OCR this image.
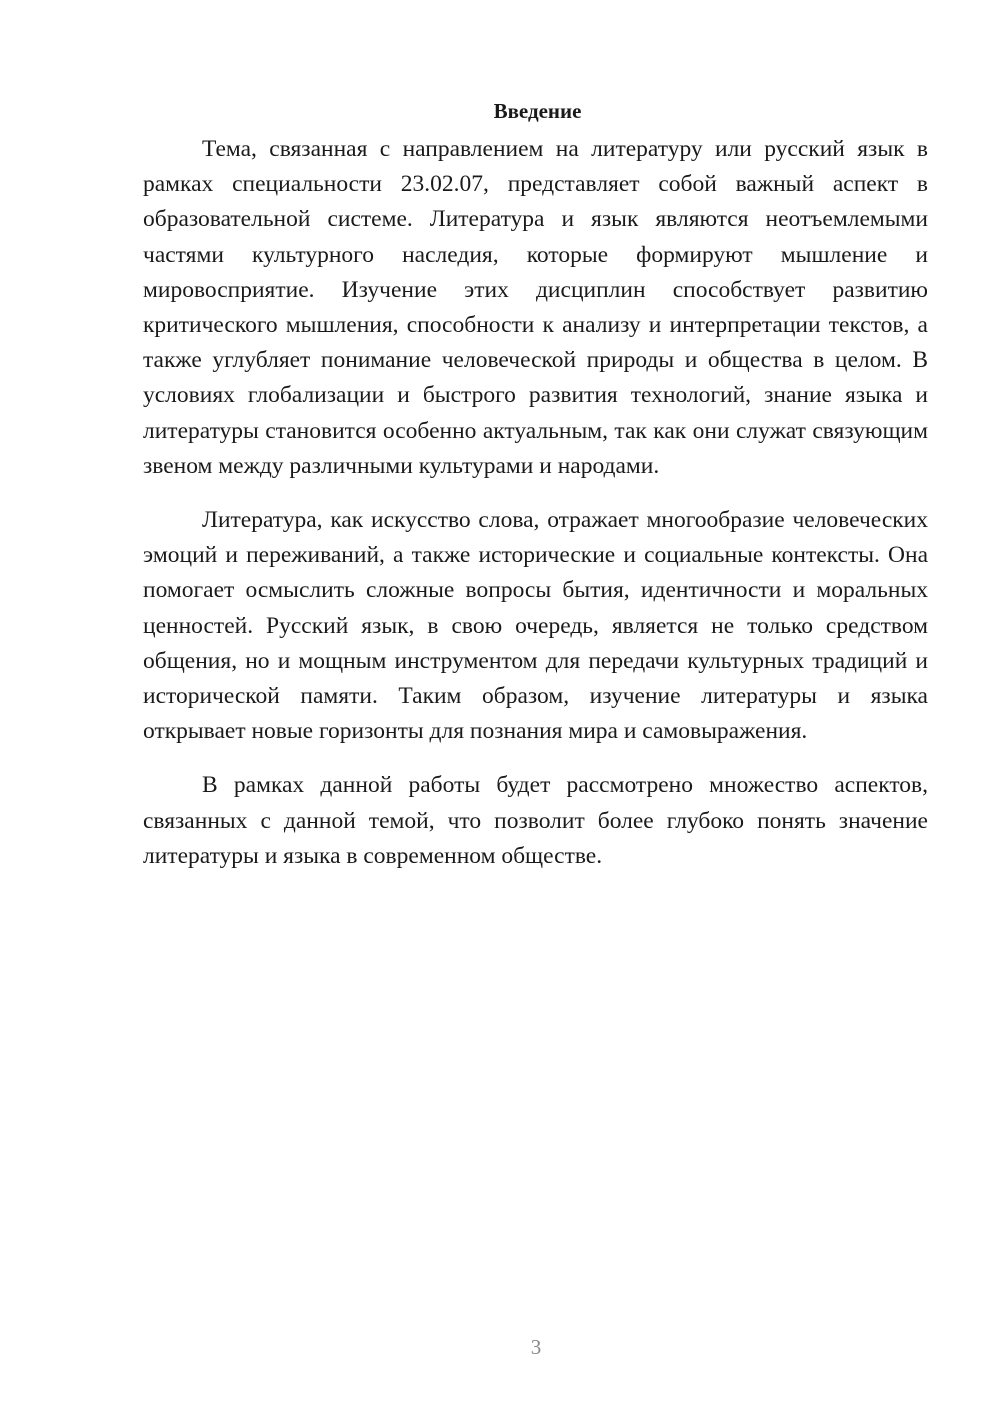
Введение

Тема, связанная с направлением на литературу или русский язык в рамках специальности 23.02.07, представляет собой важный аспект в образовательной системе. Литература и язык являются неотъемлемыми частями культурного наследия, которые формируют мышление и мировосприятие. Изучение этих дисциплин способствует развитию критического мышления, способности к анализу и интерпретации текстов, а также углубляет понимание человеческой природы и общества в целом. В условиях глобализации и быстрого развития технологий, знание языка и литературы становится особенно актуальным, так как они служат связующим звеном между различными культурами и народами.

Литература, как искусство слова, отражает многообразие человеческих эмоций и переживаний, а также исторические и социальные контексты. Она помогает осмыслить сложные вопросы бытия, идентичности и моральных ценностей. Русский язык, в свою очередь, является не только средством общения, но и мощным инструментом для передачи культурных традиций и исторической памяти. Таким образом, изучение литературы и языка открывает новые горизонты для познания мира и самовыражения.

В рамках данной работы будет рассмотрено множество аспектов, связанных с данной темой, что позволит более глубоко понять значение литературы и языка в современном обществе.

3
